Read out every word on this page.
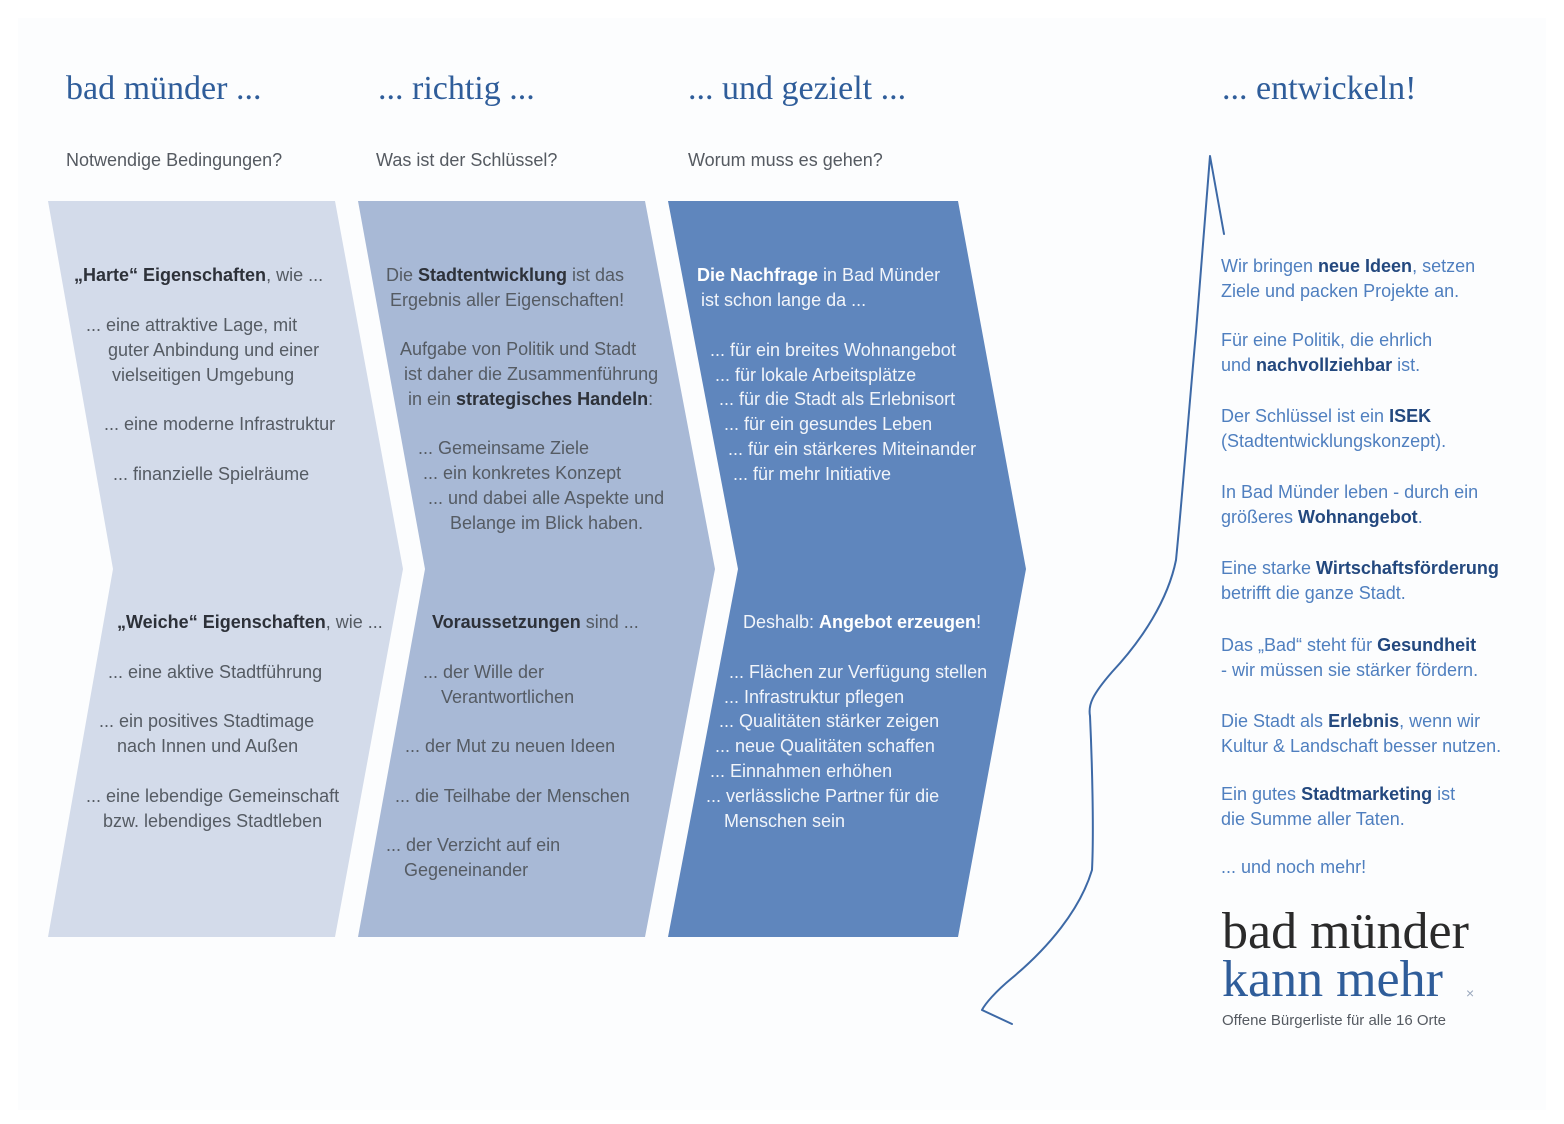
bad münder ...	... richtig ...	... und gezielt ...	... entwickeln!

Notwendige Bedingungen?	Was ist der Schlüssel?	Worum muss es gehen?

„Harte“ Eigenschaften, wie ...

... eine attraktive Lage, mit

guter Anbindung und einer

vielseitigen Umgebung

... eine moderne Infrastruktur

... finanzielle Spielräume

„Weiche“ Eigenschaften, wie ...

... eine aktive Stadtführung

... ein positives Stadtimage

nach Innen und Außen

... eine lebendige Gemeinschaft

bzw. lebendiges Stadtleben

Die Stadtentwicklung ist das

Ergebnis aller Eigenschaften!

Aufgabe von Politik und Stadt

ist daher die Zusammenführung

in ein strategisches Handeln:

... Gemeinsame Ziele

... ein konkretes Konzept

... und dabei alle Aspekte und

Belange im Blick haben.

Voraussetzungen sind ...

... der Wille der

Verantwortlichen

... der Mut zu neuen Ideen

... die Teilhabe der Menschen

... der Verzicht auf ein

Gegeneinander

Die Nachfrage in Bad Münder

ist schon lange da ...

... für ein breites Wohnangebot

... für lokale Arbeitsplätze

... für die Stadt als Erlebnisort

... für ein gesundes Leben

... für ein stärkeres Miteinander

... für mehr Initiative

Deshalb: Angebot erzeugen!

... Flächen zur Verfügung stellen

... Infrastruktur pflegen

... Qualitäten stärker zeigen

... neue Qualitäten schaffen

... Einnahmen erhöhen

... verlässliche Partner für die

Menschen sein

Wir bringen neue Ideen, setzen

Ziele und packen Projekte an.

Für eine Politik, die ehrlich

und nachvollziehbar ist.

Der Schlüssel ist ein ISEK

(Stadtentwicklungskonzept).

In Bad Münder leben - durch ein

größeres Wohnangebot.

Eine starke Wirtschaftsförderung

betrifft die ganze Stadt.

Das „Bad“ steht für Gesundheit

- wir müssen sie stärker fördern.

Die Stadt als Erlebnis, wenn wir

Kultur & Landschaft besser nutzen.

Ein gutes Stadtmarketing ist

die Summe aller Taten.

... und noch mehr!

bad münder

kann mehr ×

Offene Bürgerliste für alle 16 Orte
